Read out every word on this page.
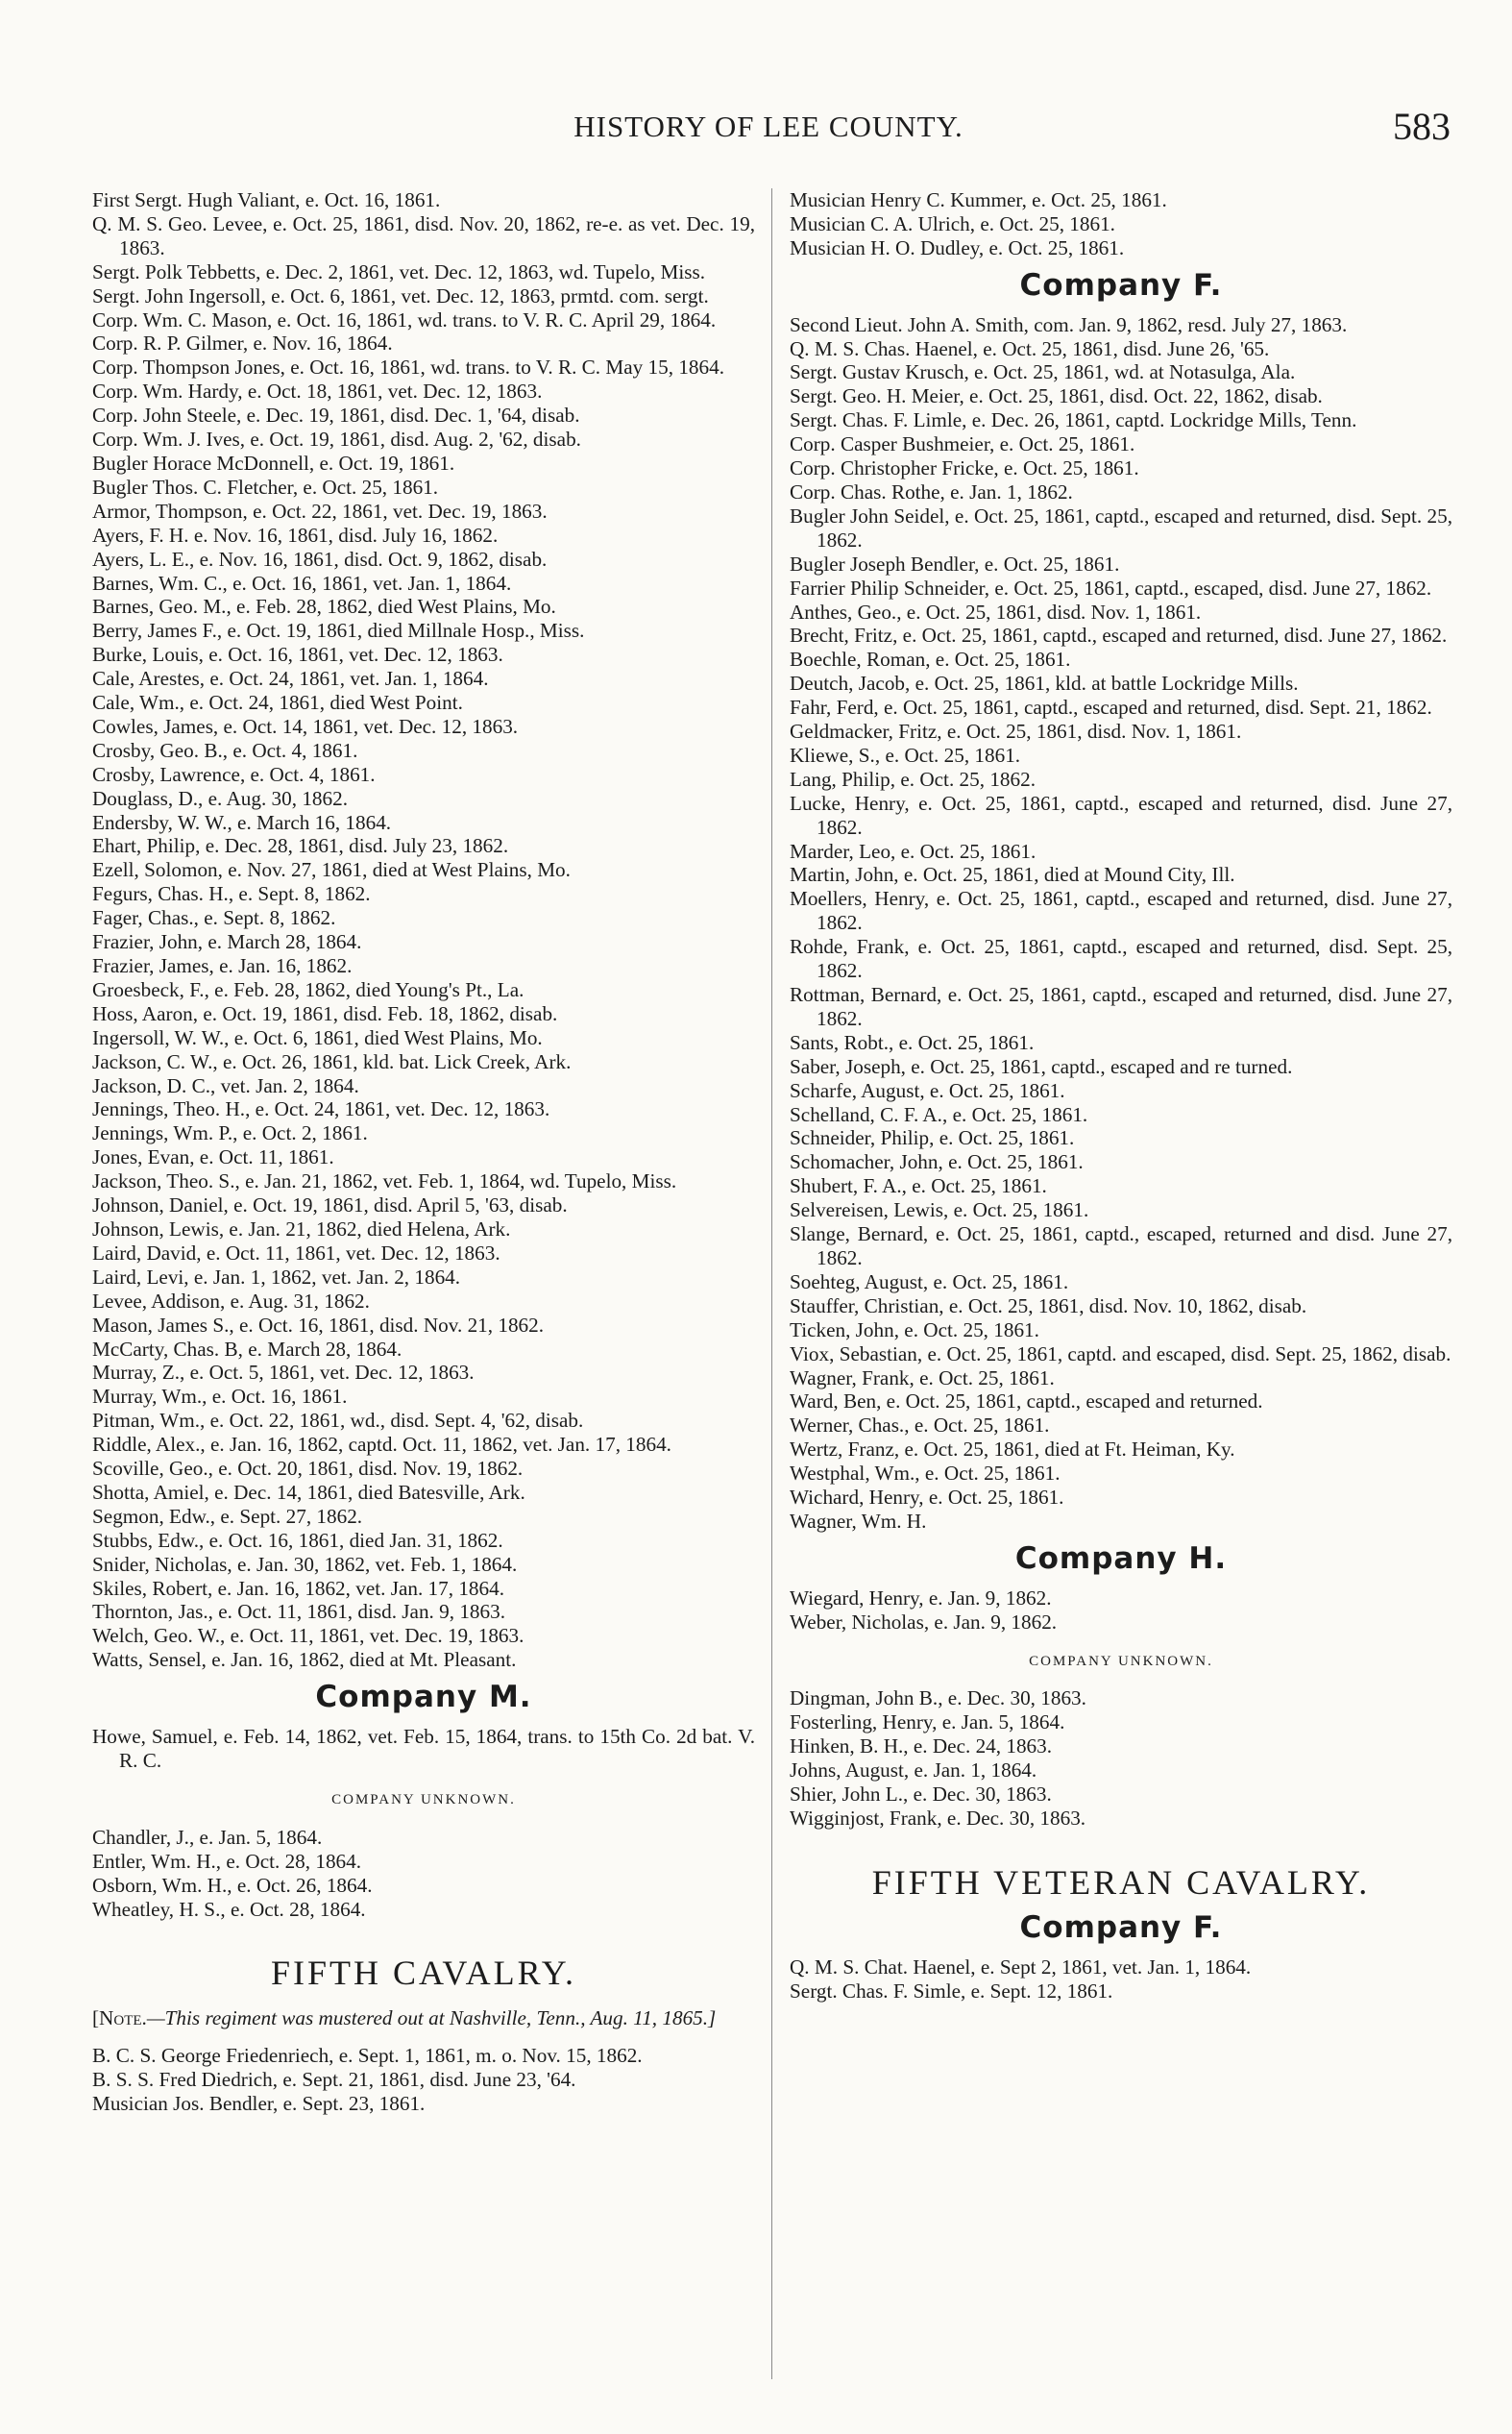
HISTORY OF LEE COUNTY.	583
First Sergt. Hugh Valiant, e. Oct. 16, 1861.
Q. M. S. Geo. Levee, e. Oct. 25, 1861, disd. Nov. 20, 1862, re-e. as vet. Dec. 19, 1863.
Sergt. Polk Tebbetts, e. Dec. 2, 1861, vet. Dec. 12, 1863, wd. Tupelo, Miss.
Sergt. John Ingersoll, e. Oct. 6, 1861, vet. Dec. 12, 1863, prmtd. com. sergt.
Corp. Wm. C. Mason, e. Oct. 16, 1861, wd. trans. to V. R. C. April 29, 1864.
Corp. R. P. Gilmer, e. Nov. 16, 1864.
Corp. Thompson Jones, e. Oct. 16, 1861, wd. trans. to V. R. C. May 15, 1864.
Corp. Wm. Hardy, e. Oct. 18, 1861, vet. Dec. 12, 1863.
Corp. John Steele, e. Dec. 19, 1861, disd. Dec. 1, '64, disab.
Corp. Wm. J. Ives, e. Oct. 19, 1861, disd. Aug. 2, '62, disab.
Bugler Horace McDonnell, e. Oct. 19, 1861.
Bugler Thos. C. Fletcher, e. Oct. 25, 1861.
Armor, Thompson, e. Oct. 22, 1861, vet. Dec. 19, 1863.
Ayers, F. H. e. Nov. 16, 1861, disd. July 16, 1862.
Ayers, L. E., e. Nov. 16, 1861, disd. Oct. 9, 1862, disab.
Barnes, Wm. C., e. Oct. 16, 1861, vet. Jan. 1, 1864.
Barnes, Geo. M., e. Feb. 28, 1862, died West Plains, Mo.
Berry, James F., e. Oct. 19, 1861, died Millnale Hosp., Miss.
Burke, Louis, e. Oct. 16, 1861, vet. Dec. 12, 1863.
Cale, Arestes, e. Oct. 24, 1861, vet. Jan. 1, 1864.
Cale, Wm., e. Oct. 24, 1861, died West Point.
Cowles, James, e. Oct. 14, 1861, vet. Dec. 12, 1863.
Crosby, Geo. B., e. Oct. 4, 1861.
Crosby, Lawrence, e. Oct. 4, 1861.
Douglass, D., e. Aug. 30, 1862.
Endersby, W. W., e. March 16, 1864.
Ehart, Philip, e. Dec. 28, 1861, disd. July 23, 1862.
Ezell, Solomon, e. Nov. 27, 1861, died at West Plains, Mo.
Fegurs, Chas. H., e. Sept. 8, 1862.
Fager, Chas., e. Sept. 8, 1862.
Frazier, John, e. March 28, 1864.
Frazier, James, e. Jan. 16, 1862.
Groesbeck, F., e. Feb. 28, 1862, died Young's Pt., La.
Hoss, Aaron, e. Oct. 19, 1861, disd. Feb. 18, 1862, disab.
Ingersoll, W. W., e. Oct. 6, 1861, died West Plains, Mo.
Jackson, C. W., e. Oct. 26, 1861, kld. bat. Lick Creek, Ark.
Jackson, D. C., vet. Jan. 2, 1864.
Jennings, Theo. H., e. Oct. 24, 1861, vet. Dec. 12, 1863.
Jennings, Wm. P., e. Oct. 2, 1861.
Jones, Evan, e. Oct. 11, 1861.
Jackson, Theo. S., e. Jan. 21, 1862, vet. Feb. 1, 1864, wd. Tupelo, Miss.
Johnson, Daniel, e. Oct. 19, 1861, disd. April 5, '63, disab.
Johnson, Lewis, e. Jan. 21, 1862, died Helena, Ark.
Laird, David, e. Oct. 11, 1861, vet. Dec. 12, 1863.
Laird, Levi, e. Jan. 1, 1862, vet. Jan. 2, 1864.
Levee, Addison, e. Aug. 31, 1862.
Mason, James S., e. Oct. 16, 1861, disd. Nov. 21, 1862.
McCarty, Chas. B, e. March 28, 1864.
Murray, Z., e. Oct. 5, 1861, vet. Dec. 12, 1863.
Murray, Wm., e. Oct. 16, 1861.
Pitman, Wm., e. Oct. 22, 1861, wd., disd. Sept. 4, '62, disab.
Riddle, Alex., e. Jan. 16, 1862, captd. Oct. 11, 1862, vet. Jan. 17, 1864.
Scoville, Geo., e. Oct. 20, 1861, disd. Nov. 19, 1862.
Shotta, Amiel, e. Dec. 14, 1861, died Batesville, Ark.
Segmon, Edw., e. Sept. 27, 1862.
Stubbs, Edw., e. Oct. 16, 1861, died Jan. 31, 1862.
Snider, Nicholas, e. Jan. 30, 1862, vet. Feb. 1, 1864.
Skiles, Robert, e. Jan. 16, 1862, vet. Jan. 17, 1864.
Thornton, Jas., e. Oct. 11, 1861, disd. Jan. 9, 1863.
Welch, Geo. W., e. Oct. 11, 1861, vet. Dec. 19, 1863.
Watts, Sensel, e. Jan. 16, 1862, died at Mt. Pleasant.
Company M.
Howe, Samuel, e. Feb. 14, 1862, vet. Feb. 15, 1864, trans. to 15th Co. 2d bat. V. R. C.
COMPANY UNKNOWN.
Chandler, J., e. Jan. 5, 1864.
Entler, Wm. H., e. Oct. 28, 1864.
Osborn, Wm. H., e. Oct. 26, 1864.
Wheatley, H. S., e. Oct. 28, 1864.
FIFTH CAVALRY.
[Note.—This regiment was mustered out at Nashville, Tenn., Aug. 11, 1865.]
B. C. S. George Friedenriech, e. Sept. 1, 1861, m. o. Nov. 15, 1862.
B. S. S. Fred Diedrich, e. Sept. 21, 1861, disd. June 23, '64.
Musician Jos. Bendler, e. Sept. 23, 1861.
Musician Henry C. Kummer, e. Oct. 25, 1861.
Musician C. A. Ulrich, e. Oct. 25, 1861.
Musician H. O. Dudley, e. Oct. 25, 1861.
Company F.
Second Lieut. John A. Smith, com. Jan. 9, 1862, resd. July 27, 1863.
Q. M. S. Chas. Haenel, e. Oct. 25, 1861, disd. June 26, '65.
Sergt. Gustav Krusch, e. Oct. 25, 1861, wd. at Notasulga, Ala.
Sergt. Geo. H. Meier, e. Oct. 25, 1861, disd. Oct. 22, 1862, disab.
Sergt. Chas. F. Limle, e. Dec. 26, 1861, captd. Lockridge Mills, Tenn.
Corp. Casper Bushmeier, e. Oct. 25, 1861.
Corp. Christopher Fricke, e. Oct. 25, 1861.
Corp. Chas. Rothe, e. Jan. 1, 1862.
Bugler John Seidel, e. Oct. 25, 1861, captd., escaped and returned, disd. Sept. 25, 1862.
Bugler Joseph Bendler, e. Oct. 25, 1861.
Farrier Philip Schneider, e. Oct. 25, 1861, captd., escaped, disd. June 27, 1862.
Anthes, Geo., e. Oct. 25, 1861, disd. Nov. 1, 1861.
Brecht, Fritz, e. Oct. 25, 1861, captd., escaped and returned, disd. June 27, 1862.
Boechle, Roman, e. Oct. 25, 1861.
Deutch, Jacob, e. Oct. 25, 1861, kld. at battle Lockridge Mills.
Fahr, Ferd, e. Oct. 25, 1861, captd., escaped and returned, disd. Sept. 21, 1862.
Geldmacker, Fritz, e. Oct. 25, 1861, disd. Nov. 1, 1861.
Kliewe, S., e. Oct. 25, 1861.
Lang, Philip, e. Oct. 25, 1862.
Lucke, Henry, e. Oct. 25, 1861, captd., escaped and returned, disd. June 27, 1862.
Marder, Leo, e. Oct. 25, 1861.
Martin, John, e. Oct. 25, 1861, died at Mound City, Ill.
Moellers, Henry, e. Oct. 25, 1861, captd., escaped and returned, disd. June 27, 1862.
Rohde, Frank, e. Oct. 25, 1861, captd., escaped and returned, disd. Sept. 25, 1862.
Rottman, Bernard, e. Oct. 25, 1861, captd., escaped and returned, disd. June 27, 1862.
Sants, Robt., e. Oct. 25, 1861.
Saber, Joseph, e. Oct. 25, 1861, captd., escaped and re turned.
Scharfe, August, e. Oct. 25, 1861.
Schelland, C. F. A., e. Oct. 25, 1861.
Schneider, Philip, e. Oct. 25, 1861.
Schomacher, John, e. Oct. 25, 1861.
Shubert, F. A., e. Oct. 25, 1861.
Selvereisen, Lewis, e. Oct. 25, 1861.
Slange, Bernard, e. Oct. 25, 1861, captd., escaped, returned and disd. June 27, 1862.
Soehteg, August, e. Oct. 25, 1861.
Stauffer, Christian, e. Oct. 25, 1861, disd. Nov. 10, 1862, disab.
Ticken, John, e. Oct. 25, 1861.
Viox, Sebastian, e. Oct. 25, 1861, captd. and escaped, disd. Sept. 25, 1862, disab.
Wagner, Frank, e. Oct. 25, 1861.
Ward, Ben, e. Oct. 25, 1861, captd., escaped and returned.
Werner, Chas., e. Oct. 25, 1861.
Wertz, Franz, e. Oct. 25, 1861, died at Ft. Heiman, Ky.
Westphal, Wm., e. Oct. 25, 1861.
Wichard, Henry, e. Oct. 25, 1861.
Wagner, Wm. H.
Company H.
Wiegard, Henry, e. Jan. 9, 1862.
Weber, Nicholas, e. Jan. 9, 1862.
COMPANY UNKNOWN.
Dingman, John B., e. Dec. 30, 1863.
Fosterling, Henry, e. Jan. 5, 1864.
Hinken, B. H., e. Dec. 24, 1863.
Johns, August, e. Jan. 1, 1864.
Shier, John L., e. Dec. 30, 1863.
Wigginjost, Frank, e. Dec. 30, 1863.
FIFTH VETERAN CAVALRY.
Company F.
Q. M. S. Chat. Haenel, e. Sept 2, 1861, vet. Jan. 1, 1864.
Sergt. Chas. F. Simle, e. Sept. 12, 1861.
